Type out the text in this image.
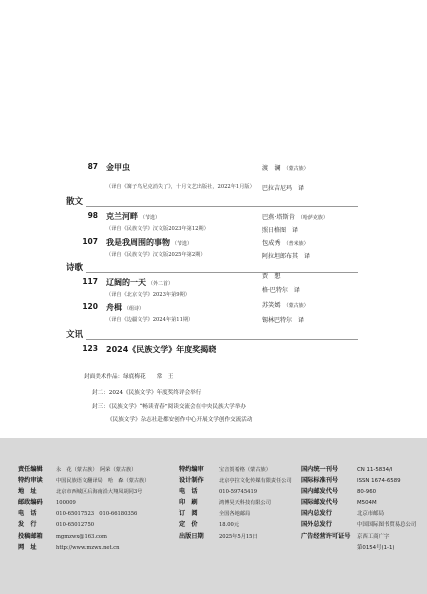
87 金甲虫
（译自《篝子鸟尼克消失了》，十月文艺出版社，2022年1月版）
渡　澜 （蒙古族）
巴拉吉尼玛　译
散文
98 克兰河畔 （节选）
（译自《民族文学》汉文版2023年第12期）
巴燕·塔斯肯 （哈萨克族）
照日格图　译
107 我是我周围的事物 （节选）
（译自《民族文学》汉文版2025年第2期）
包成秀 （普米族）
阿拉坦郎布其　译
诗歌
117 辽阔的一天 （外二首）
（译自《北京文学》2023年第9期）
贾　想
格·巴特尔　译
120 舟楫 （组诗）
（译自《边疆文学》2024年第11期）
苏笑嫣 （蒙古族）
锡林巴特尔　译
文讯
123 2024《民族文学》年度奖揭晓
封面美术作品：绿底梅花　　常　王
封二：2024《民族文学》年度奖终评会举行
封三：《民族文学》“畅读青春”阅读交流会在中央民族大学举办
《民族文学》杂志社赴都安创作中心开展文学创作交流活动
责任编辑	永　花（蒙古族）　阿荣（蒙古族）
特约审读	中国民族语文翻译局　哈　森（蒙古族）
地　址	北京市西城区后海南沿大翔凤胡同3号
邮政编码	100009
电　话	010-65017523　010-66180356
发　行	010-65012750
投稿邮箱	mgmzwx@163.com
网　址	http://www.mzwx.net.cn
特约编审	宝音贺希格（蒙古族）
设计制作	北京亭拉文化传媒有限责任公司
电　话	010-59745419
印　刷	鸿博昊天科技有限公司
订　阅	全国各地邮局
定　价	18.00元
出版日期	2025年5月15日
国内统一刊号	CN 11-5834/I
国际标准刊号	ISSN 1674-6589
国内邮发代号	80-960
国际邮发代号	M504M
国内总发行	北京市邮局
国外总发行	中国国际图书贸易总公司
广告经营许可证号 京西工商广字
第0154号(1-1)
